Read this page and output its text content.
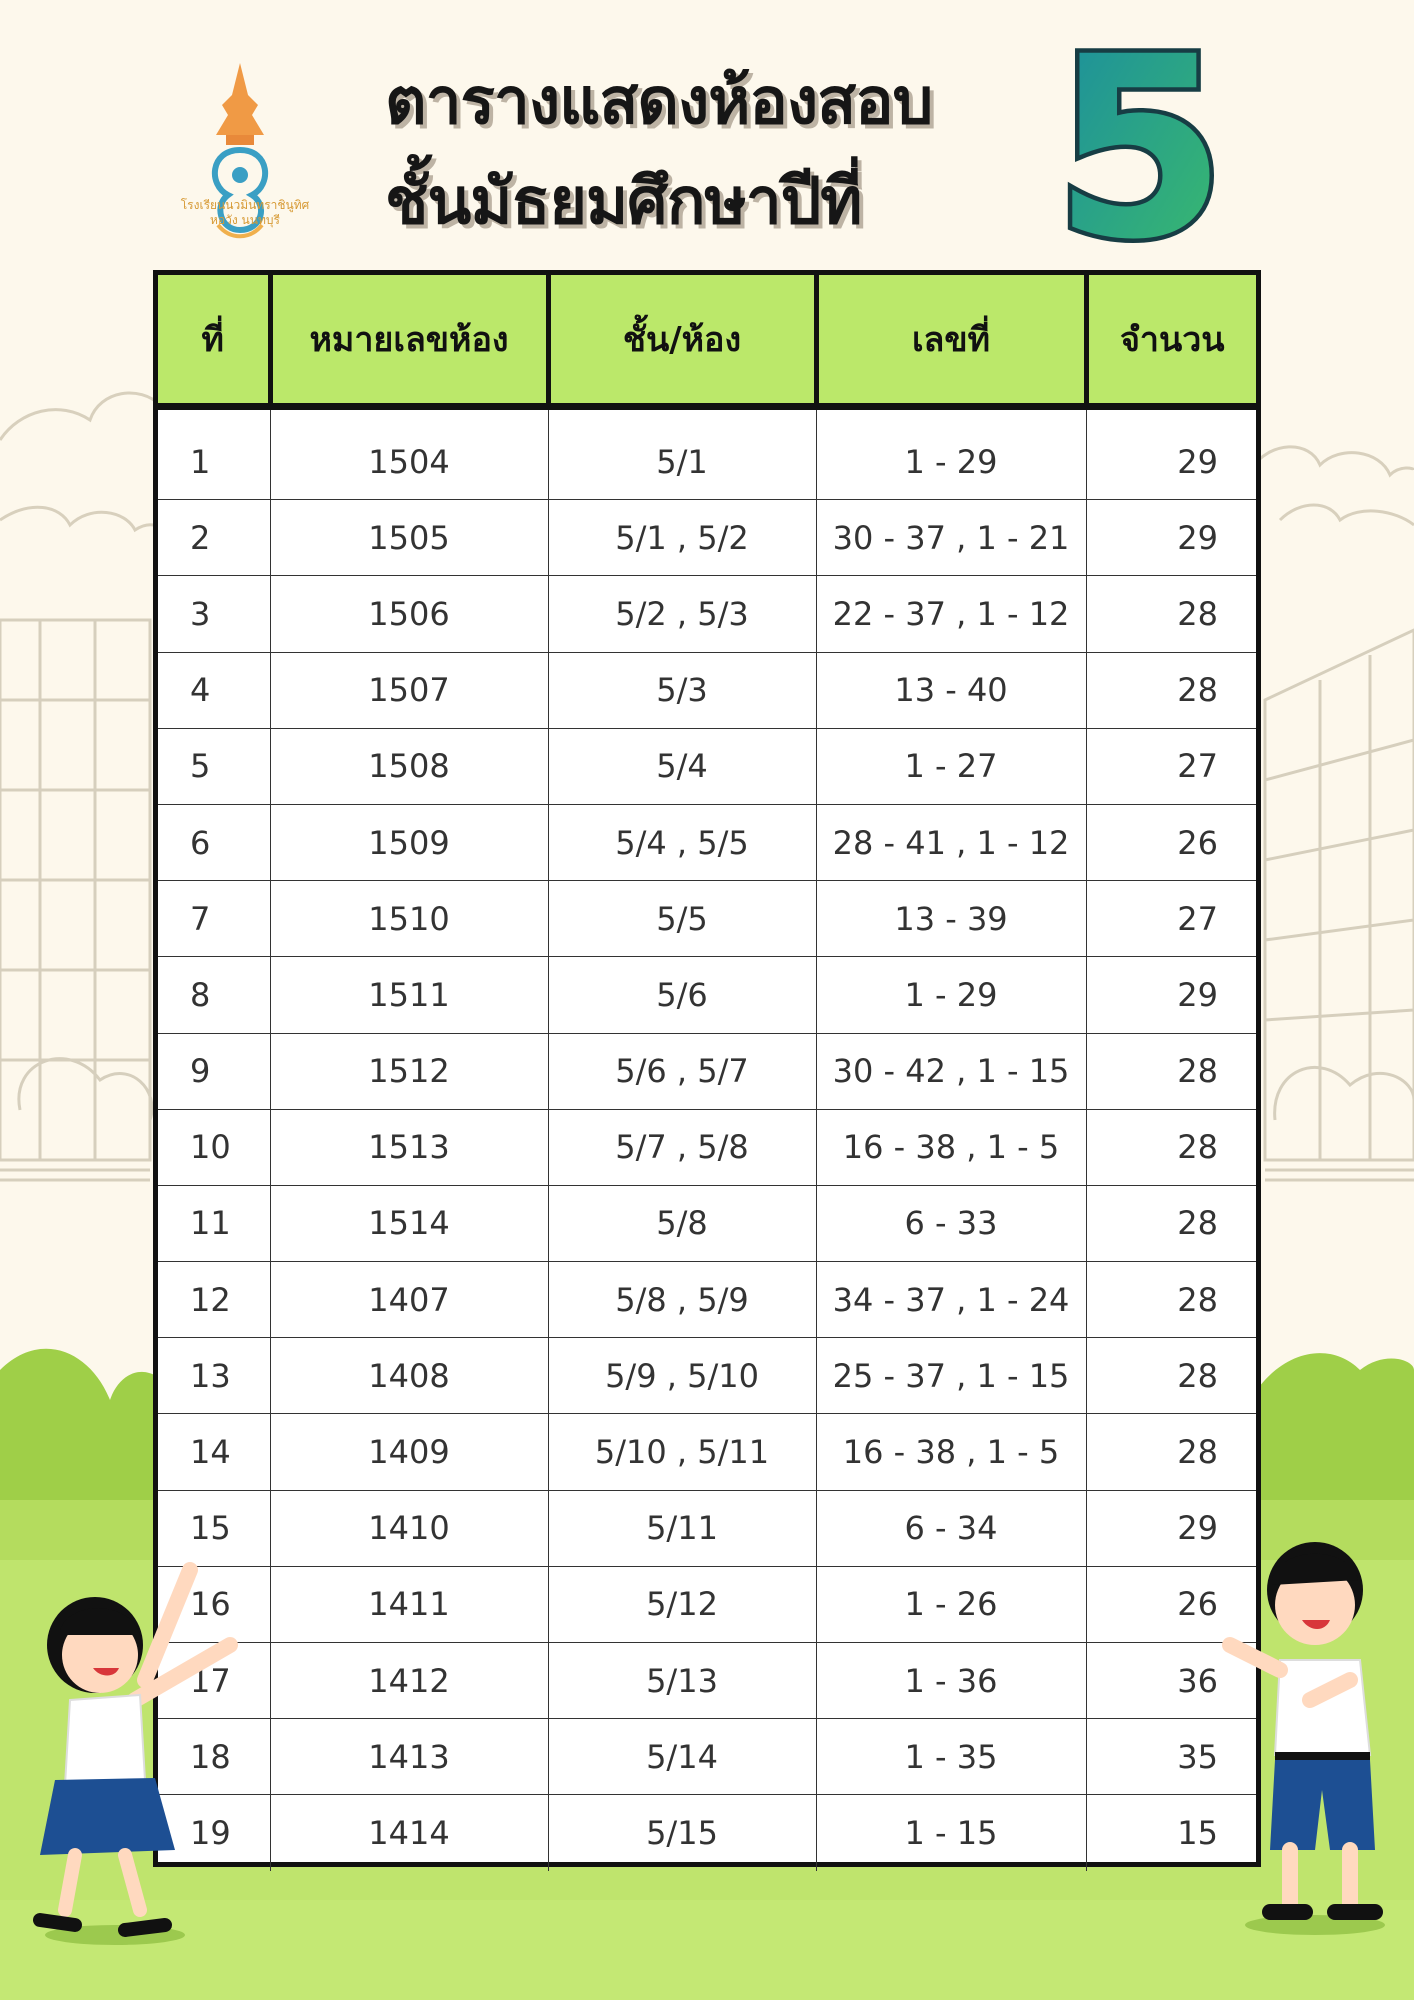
โรงเรียนนวมินทราชินูทิศ
หอวัง นนทบุรี
ตารางแสดงห้องสอบ
ชั้นมัธยมศึกษาปีที่ 5
ที่	หมายเลขห้อง	ชั้น/ห้อง	เลขที่	จำนวน
1	1504	5/1	1 - 29	29
2	1505	5/1 , 5/2	30 - 37 , 1 - 21	29
3	1506	5/2 , 5/3	22 - 37 , 1 - 12	28
4	1507	5/3	13 - 40	28
5	1508	5/4	1 - 27	27
6	1509	5/4 , 5/5	28 - 41 , 1 - 12	26
7	1510	5/5	13 - 39	27
8	1511	5/6	1 - 29	29
9	1512	5/6 , 5/7	30 - 42 , 1 - 15	28
10	1513	5/7 , 5/8	16 - 38 , 1 - 5	28
11	1514	5/8	6 - 33	28
12	1407	5/8 , 5/9	34 - 37 , 1 - 24	28
13	1408	5/9 , 5/10	25 - 37 , 1 - 15	28
14	1409	5/10 , 5/11	16 - 38 , 1 - 5	28
15	1410	5/11	6 - 34	29
16	1411	5/12	1 - 26	26
17	1412	5/13	1 - 36	36
18	1413	5/14	1 - 35	35
19	1414	5/15	1 - 15	15
